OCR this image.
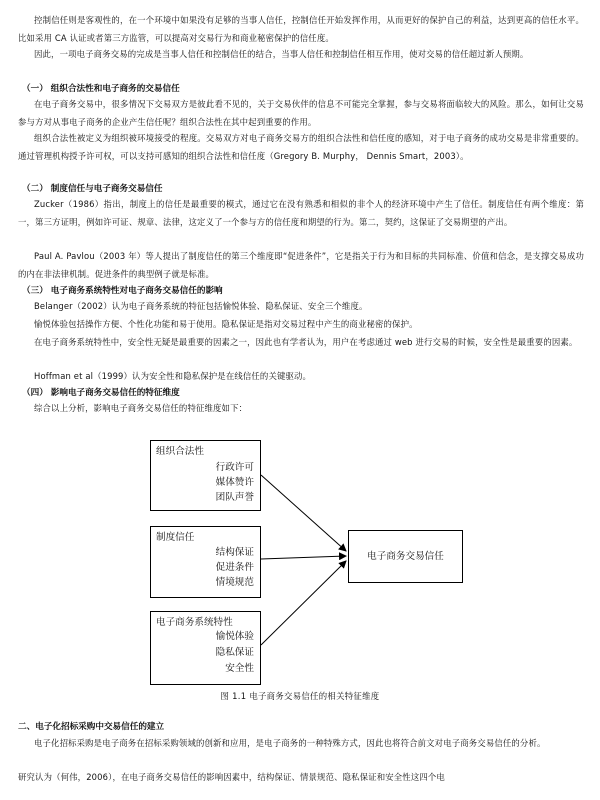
控制信任则是客观性的，在一个环境中如果没有足够的当事人信任，控制信任开始发挥作用，从而更好的保护自己的利益，达到更高的信任水平。比如采用 CA 认证或者第三方监管，可以提高对交易行为和商业秘密保护的信任度。

因此，一项电子商务交易的完成是当事人信任和控制信任的结合，当事人信任和控制信任相互作用，使对交易的信任超过新人预期。

（一） 组织合法性和电子商务的交易信任

在电子商务交易中，很多情况下交易双方是彼此看不见的，关于交易伙伴的信息不可能完全掌握，参与交易将面临较大的风险。那么，如何让交易参与方对从事电子商务的企业产生信任呢？组织合法性在其中起到重要的作用。

组织合法性被定义为组织被环境接受的程度。交易双方对电子商务交易方的组织合法性和信任度的感知，对于电子商务的成功交易是非常重要的。通过管理机构授予许可权，可以支持可感知的组织合法性和信任度（Gregory B. Murphy， Dennis Smart，2003）。

（二） 制度信任与电子商务交易信任

Zucker（1986）指出，制度上的信任是最重要的模式，通过它在没有熟悉和相似的非个人的经济环境中产生了信任。制度信任有两个维度：第一，第三方证明，例如许可证、规章、法律，这定义了一个参与方的信任度和期望的行为。第二，契约，这保证了交易期望的产出。

Paul A. Pavlou（2003 年）等人提出了制度信任的第三个维度即“促进条件”，它是指关于行为和目标的共同标准、价值和信念，是支撑交易成功的内在非法律机制。促进条件的典型例子就是标准。

（三） 电子商务系统特性对电子商务交易信任的影响

Belanger（2002）认为电子商务系统的特征包括愉悦体验、隐私保证、安全三个维度。

愉悦体验包括操作方便、个性化功能和易于使用。隐私保证是指对交易过程中产生的商业秘密的保护。

在电子商务系统特性中，安全性无疑是最重要的因素之一，因此也有学者认为，用户在考虑通过 web 进行交易的时候，安全性是最重要的因素。

Hoffman et al（1999）认为安全性和隐私保护是在线信任的关键驱动。

（四） 影响电子商务交易信任的特征维度

综合以上分析，影响电子商务交易信任的特征维度如下：

组织合法性
行政许可
媒体赞许
团队声誉
制度信任
结构保证
促进条件
情境规范
电子商务系统特性
愉悦体验
隐私保证
安全性
电子商务交易信任
图 1.1 电子商务交易信任的相关特征维度

二、电子化招标采购中交易信任的建立

电子化招标采购是电子商务在招标采购领域的创新和应用，是电子商务的一种特殊方式，因此也将符合前文对电子商务交易信任的分析。

研究认为（何伟，2006），在电子商务交易信任的影响因素中，结构保证、情景规范、隐私保证和安全性这四个电
